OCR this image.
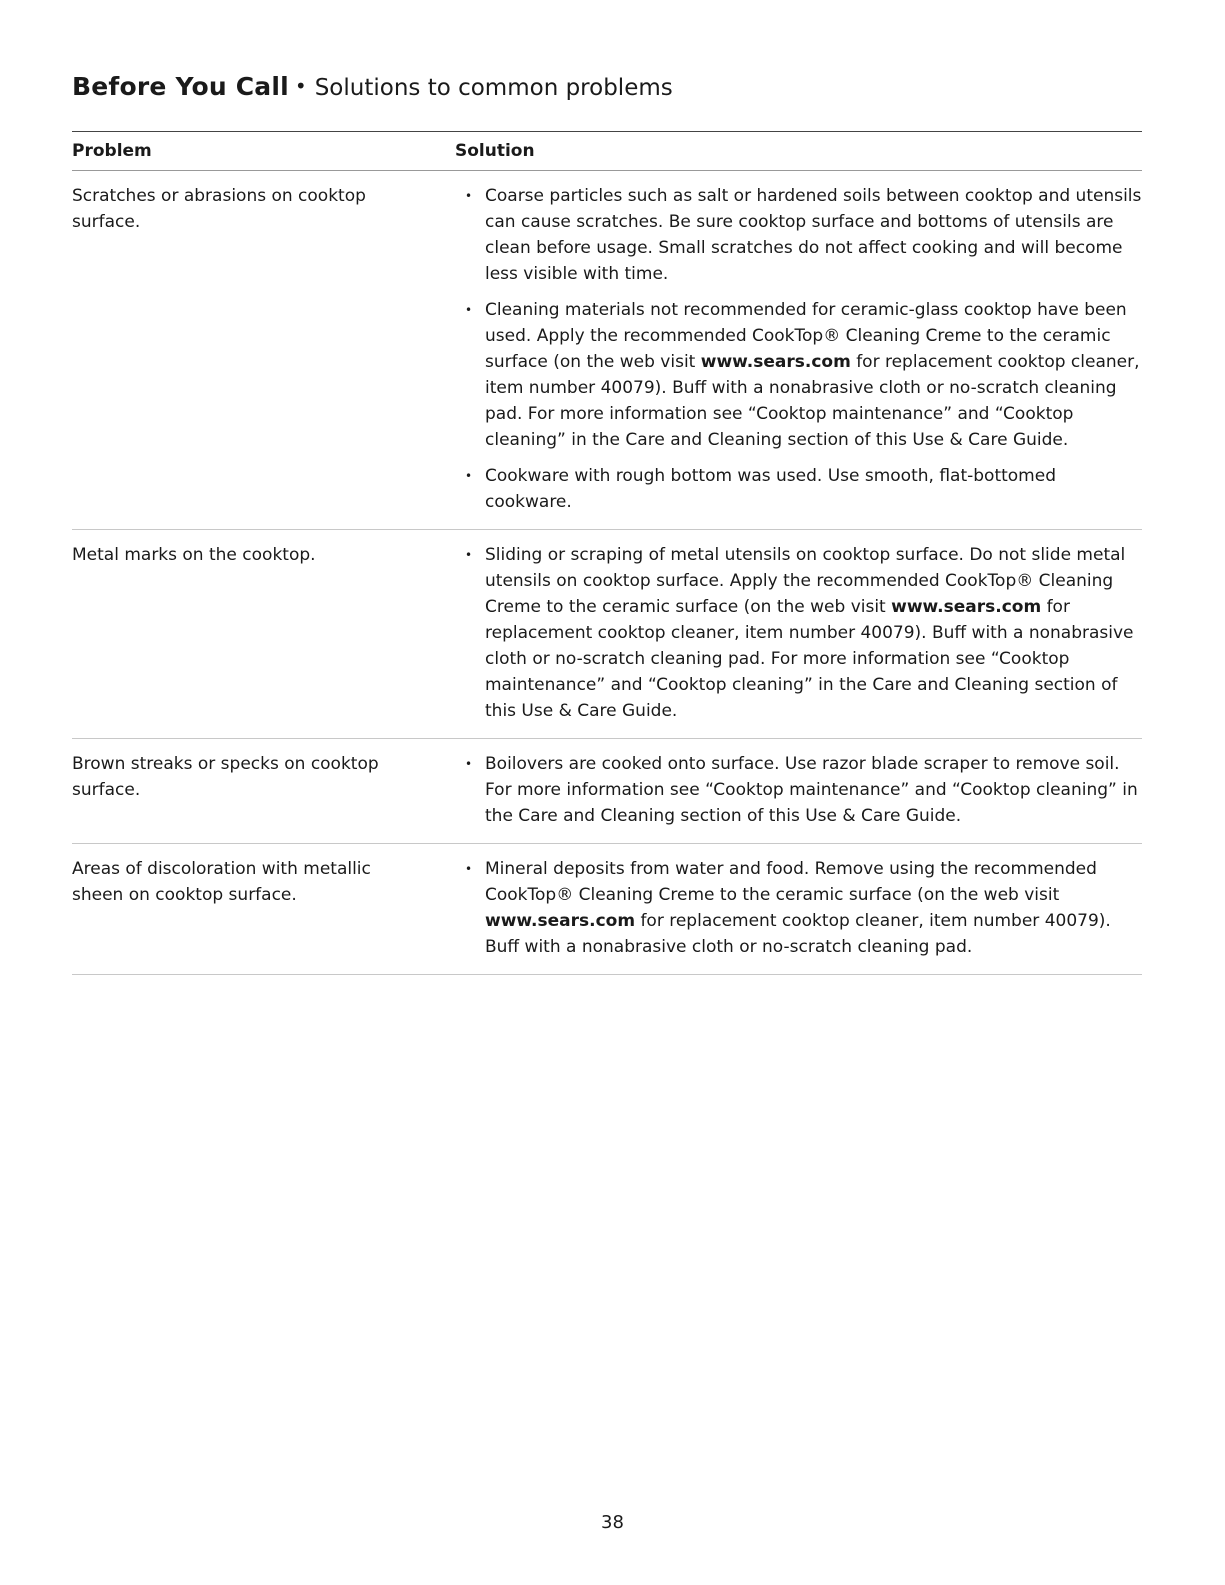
Before You Call • Solutions to common problems
Problem	Solution
Scratches or abrasions on cooktop surface.
• Coarse particles such as salt or hardened soils between cooktop and utensils can cause scratches. Be sure cooktop surface and bottoms of utensils are clean before usage. Small scratches do not affect cooking and will become less visible with time.
• Cleaning materials not recommended for ceramic-glass cooktop have been used. Apply the recommended CookTop® Cleaning Creme to the ceramic surface (on the web visit www.sears.com for replacement cooktop cleaner, item number 40079). Buff with a nonabrasive cloth or no-scratch cleaning pad. For more information see “Cooktop maintenance” and “Cooktop cleaning” in the Care and Cleaning section of this Use & Care Guide.
• Cookware with rough bottom was used. Use smooth, flat-bottomed cookware.
Metal marks on the cooktop.	• Sliding or scraping of metal utensils on cooktop surface. Do not slide metal utensils on cooktop surface. Apply the recommended CookTop® Cleaning Creme to the ceramic surface (on the web visit www.sears.com for replacement cooktop cleaner, item number 40079). Buff with a nonabrasive cloth or no-scratch cleaning pad. For more information see “Cooktop maintenance” and “Cooktop cleaning” in the Care and Cleaning section of this Use & Care Guide.
Brown streaks or specks on cooktop surface.
• Boilovers are cooked onto surface. Use razor blade scraper to remove soil. For more information see “Cooktop maintenance” and “Cooktop cleaning” in the Care and Cleaning section of this Use & Care Guide.
Areas of discoloration with metallic sheen on cooktop surface.
• Mineral deposits from water and food. Remove using the recommended CookTop® Cleaning Creme to the ceramic surface (on the web visit www.sears.com for replacement cooktop cleaner, item number 40079). Buff with a nonabrasive cloth or no-scratch cleaning pad.
38
